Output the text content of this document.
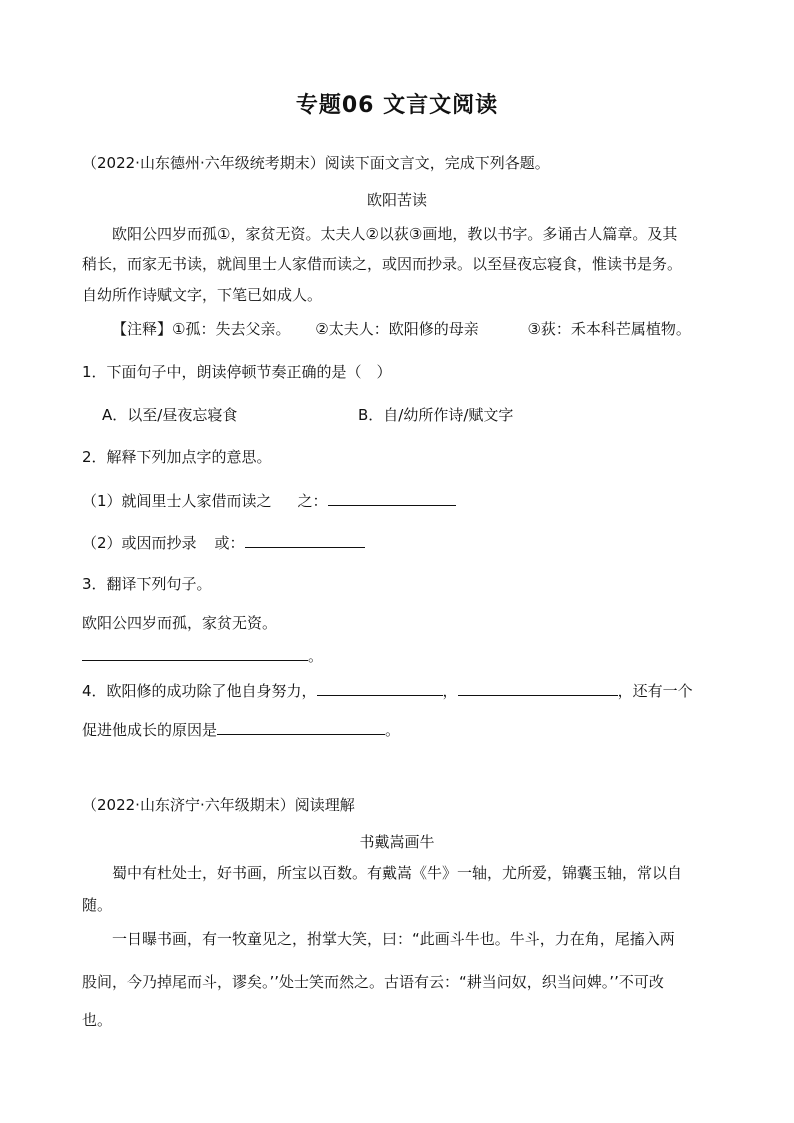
专题06 文言文阅读
（2022·山东德州·六年级统考期末）阅读下面文言文，完成下列各题。
欧阳苦读
欧阳公四岁而孤①，家贫无资。太夫人②以荻③画地，教以书字。多诵古人篇章。及其
稍长，而家无书读，就闾里士人家借而读之，或因而抄录。以至昼夜忘寝食，惟读书是务。
自幼所作诗赋文字，下笔已如成人。
【注释】①孤：失去父亲。 ②太夫人：欧阳修的母亲	③荻：禾本科芒属植物。
1．下面句子中，朗读停顿节奏正确的是（　）
A．以至/昼夜忘寝食	B．自/幼所作诗/赋文字
2．解释下列加点字的意思。
（1）就闾里士人家借而读之 之：
（2）或因而抄录 或：
3．翻译下列句子。
欧阳公四岁而孤，家贫无资。
。
4．欧阳修的成功除了他自身努力，	，	，还有一个
促进他成长的原因是	。
（2022·山东济宁·六年级期末）阅读理解
书戴嵩画牛
蜀中有杜处士，好书画，所宝以百数。有戴嵩《牛》一轴，尤所爱，锦囊玉轴，常以自
随。
一日曝书画，有一牧童见之，拊掌大笑，曰：“此画斗牛也。牛斗，力在角，尾搐入两
股间，今乃掉尾而斗，谬矣。’’处士笑而然之。古语有云：“耕当问奴，织当问婢。’’不可改
也。
